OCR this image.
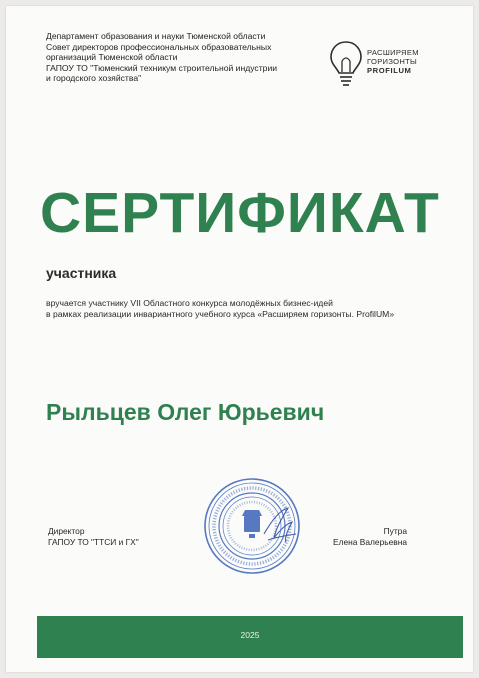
Департамент образования и науки Тюменской области
Совет директоров профессиональных образовательных
организаций Тюменской области
ГАПОУ ТО "Тюменский техникум строительной индустрии
и городского хозяйства"
РАСШИРЯЕМ
ГОРИЗОНТЫ
PROFILUM
СЕРТИФИКАТ
участника
вручается участнику VII Областного конкурса молодёжных бизнес-идей
в рамках реализации инвариантного учебного курса «Расширяем горизонты. ProfilUM»
Рыльцев Олег Юрьевич
Директор
ГАПОУ ТО "ТТСИ и ГХ"
Путра
Елена Валерьевна
2025
